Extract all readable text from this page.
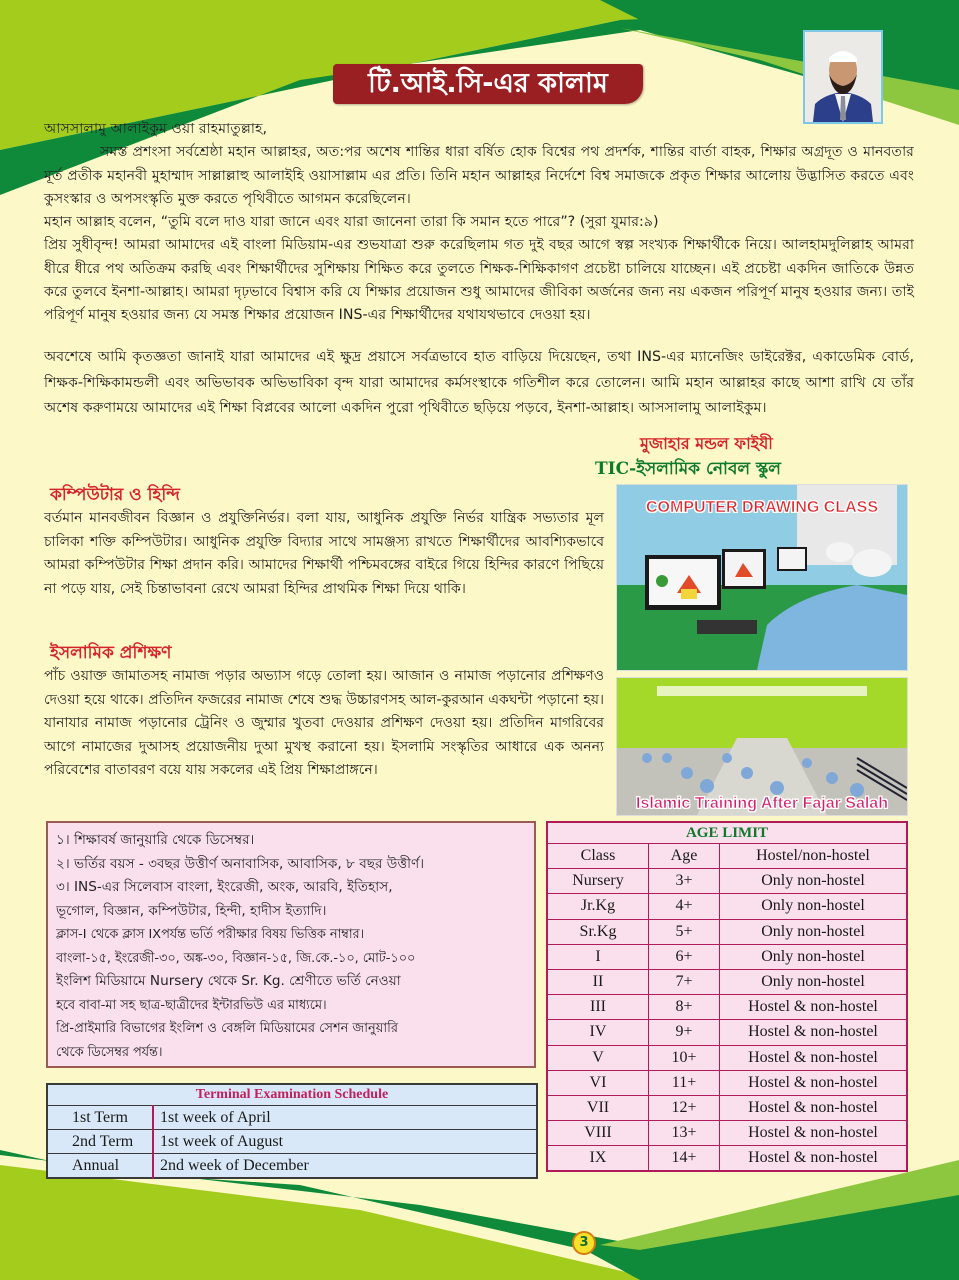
টি.আই.সি-এর কালাম

আসসালামু আলাইকুম ওয়া রাহমাতুল্লাহ,

সমস্ত প্রশংসা সর্বশ্রেষ্ঠা মহান আল্লাহর, অত:পর অশেষ শান্তির ধারা বর্ষিত হোক বিশ্বের পথ প্রদর্শক, শান্তির বার্তা বাহক, শিক্ষার অগ্রদূত ও মানবতার মূর্ত প্রতীক মহানবী মুহাম্মাদ সাল্লাল্লাহু আলাইহি ওয়াসাল্লাম এর প্রতি। তিনি মহান আল্লাহর নির্দেশে বিশ্ব সমাজকে প্রকৃত শিক্ষার আলোয় উদ্ভাসিত করতে এবং কুসংস্কার ও অপসংস্কৃতি মুক্ত করতে পৃথিবীতে আগমন করেছিলেন।

মহান আল্লাহ বলেন, “তুমি বলে দাও যারা জানে এবং যারা জানেনা তারা কি সমান হতে পারে”? (সুরা যুমার:৯)

প্রিয় সুধীবৃন্দ! আমরা আমাদের এই বাংলা মিডিয়াম-এর শুভযাত্রা শুরু করেছিলাম গত দুই বছর আগে স্বল্প সংখ্যক শিক্ষার্থীকে নিয়ে। আলহামদুলিল্লাহ আমরা ধীরে ধীরে পথ অতিক্রম করছি এবং শিক্ষার্থীদের সুশিক্ষায় শিক্ষিত করে তুলতে শিক্ষক-শিক্ষিকাগণ প্রচেষ্টা চালিয়ে যাচ্ছেন। এই প্রচেষ্টা একদিন জাতিকে উন্নত করে তুলবে ইনশা-আল্লাহ। আমরা দৃঢ়ভাবে বিশ্বাস করি যে শিক্ষার প্রয়োজন শুধু আমাদের জীবিকা অর্জনের জন্য নয় একজন পরিপূর্ণ মানুষ হওয়ার জন্য। তাই পরিপূর্ণ মানুষ হওয়ার জন্য যে সমস্ত শিক্ষার প্রয়োজন INS-এর শিক্ষার্থীদের যথাযথভাবে দেওয়া হয়।

অবশেষে আমি কৃতজ্ঞতা জানাই যারা আমাদের এই ক্ষুদ্র প্রয়াসে সর্বত্রভাবে হাত বাড়িয়ে দিয়েছেন, তথা INS-এর ম্যানেজিং ডাইরেক্টর, একাডেমিক বোর্ড, শিক্ষক-শিক্ষিকামন্ডলী এবং অভিভাবক অভিভাবিকা বৃন্দ যারা আমাদের কর্মসংস্থাকে গতিশীল করে তোলেন। আমি মহান আল্লাহর কাছে আশা রাখি যে তাঁর অশেষ করুণাময়ে আমাদের এই শিক্ষা বিপ্লবের আলো একদিন পুরো পৃথিবীতে ছড়িয়ে পড়বে, ইনশা-আল্লাহ। আসসালামু আলাইকুম।

মুজাহার মন্ডল ফাইযী
TIC-ইসলামিক নোবল স্কুল
কম্পিউটার ও হিন্দি
বর্তমান মানবজীবন বিজ্ঞান ও প্রযুক্তিনির্ভর। বলা যায়, আধুনিক প্রযুক্তি নির্ভর যান্ত্রিক সভ্যতার মূল চালিকা শক্তি কম্পিউটার। আধুনিক প্রযুক্তি বিদ্যার সাথে সামঞ্জস্য রাখতে শিক্ষার্থীদের আবশ্যিকভাবে আমরা কম্পিউটার শিক্ষা প্রদান করি। আমাদের শিক্ষার্থী পশ্চিমবঙ্গের বাইরে গিয়ে হিন্দির কারণে পিছিয়ে না পড়ে যায়, সেই চিন্তাভাবনা রেখে আমরা হিন্দির প্রাথমিক শিক্ষা দিয়ে থাকি।
ইসলামিক প্রশিক্ষণ
পাঁচ ওয়াক্ত জামাতসহ নামাজ পড়ার অভ্যাস গড়ে তোলা হয়। আজান ও নামাজ পড়ানোর প্রশিক্ষণও দেওয়া হয়ে থাকে। প্রতিদিন ফজরের নামাজ শেষে শুদ্ধ উচ্চারণসহ আল-কুরআন একঘন্টা পড়ানো হয়। যানাযার নামাজ পড়ানোর ট্রেনিং ও জুম্মার খুতবা দেওয়ার প্রশিক্ষণ দেওয়া হয়। প্রতিদিন মাগরিবের আগে নামাজের দুআসহ প্রয়োজনীয় দুআ মুখস্থ করানো হয়। ইসলামি সংস্কৃতির আধারে এক অনন্য পরিবেশের বাতাবরণ বয়ে যায় সকলের এই প্রিয় শিক্ষাপ্রাঙ্গনে।
COMPUTER DRAWING CLASS
Islamic Training After Fajar Salah
১। শিক্ষাবর্ষ জানুয়ারি থেকে ডিসেম্বর।
২। ভর্তির বয়স - ৩বছর উত্তীর্ণ অনাবাসিক, আবাসিক, ৮ বছর উত্তীর্ণ।
৩। INS-এর সিলেবাস বাংলা, ইংরেজী, অংক, আরবি, ইতিহাস,
ভূগোল, বিজ্ঞান, কম্পিউটার, হিন্দী, হাদীস ইত্যাদি।
ক্লাস-I থেকে ক্লাস IXপর্যন্ত ভর্তি পরীক্ষার বিষয় ভিত্তিক নাম্বার।
বাংলা-১৫, ইংরেজী-৩০, অঙ্ক-৩০, বিজ্ঞান-১৫, জি.কে.-১০, মোট-১০০
ইংলিশ মিডিয়ামে Nursery থেকে Sr. Kg. শ্রেণীতে ভর্তি নেওয়া
হবে বাবা-মা সহ ছাত্র-ছাত্রীদের ইন্টারভিউ এর মাধ্যমে।
প্রি-প্রাইমারি বিভাগের ইংলিশ ও বেঙ্গলি মিডিয়ামের সেশন জানুয়ারি
থেকে ডিসেম্বর পর্যন্ত।
Terminal Examination Schedule	
1st Term	1st week of April
2nd Term	1st week of August
Annual	2nd week of December
AGE LIMIT		
Class	Age	Hostel/non-hostel
Nursery	3+	Only non-hostel
Jr.Kg	4+	Only non-hostel
Sr.Kg	5+	Only non-hostel
I	6+	Only non-hostel
II	7+	Only non-hostel
III	8+	Hostel & non-hostel
IV	9+	Hostel & non-hostel
V	10+	Hostel & non-hostel
VI	11+	Hostel & non-hostel
VII	12+	Hostel & non-hostel
VIII	13+	Hostel & non-hostel
IX	14+	Hostel & non-hostel
3
